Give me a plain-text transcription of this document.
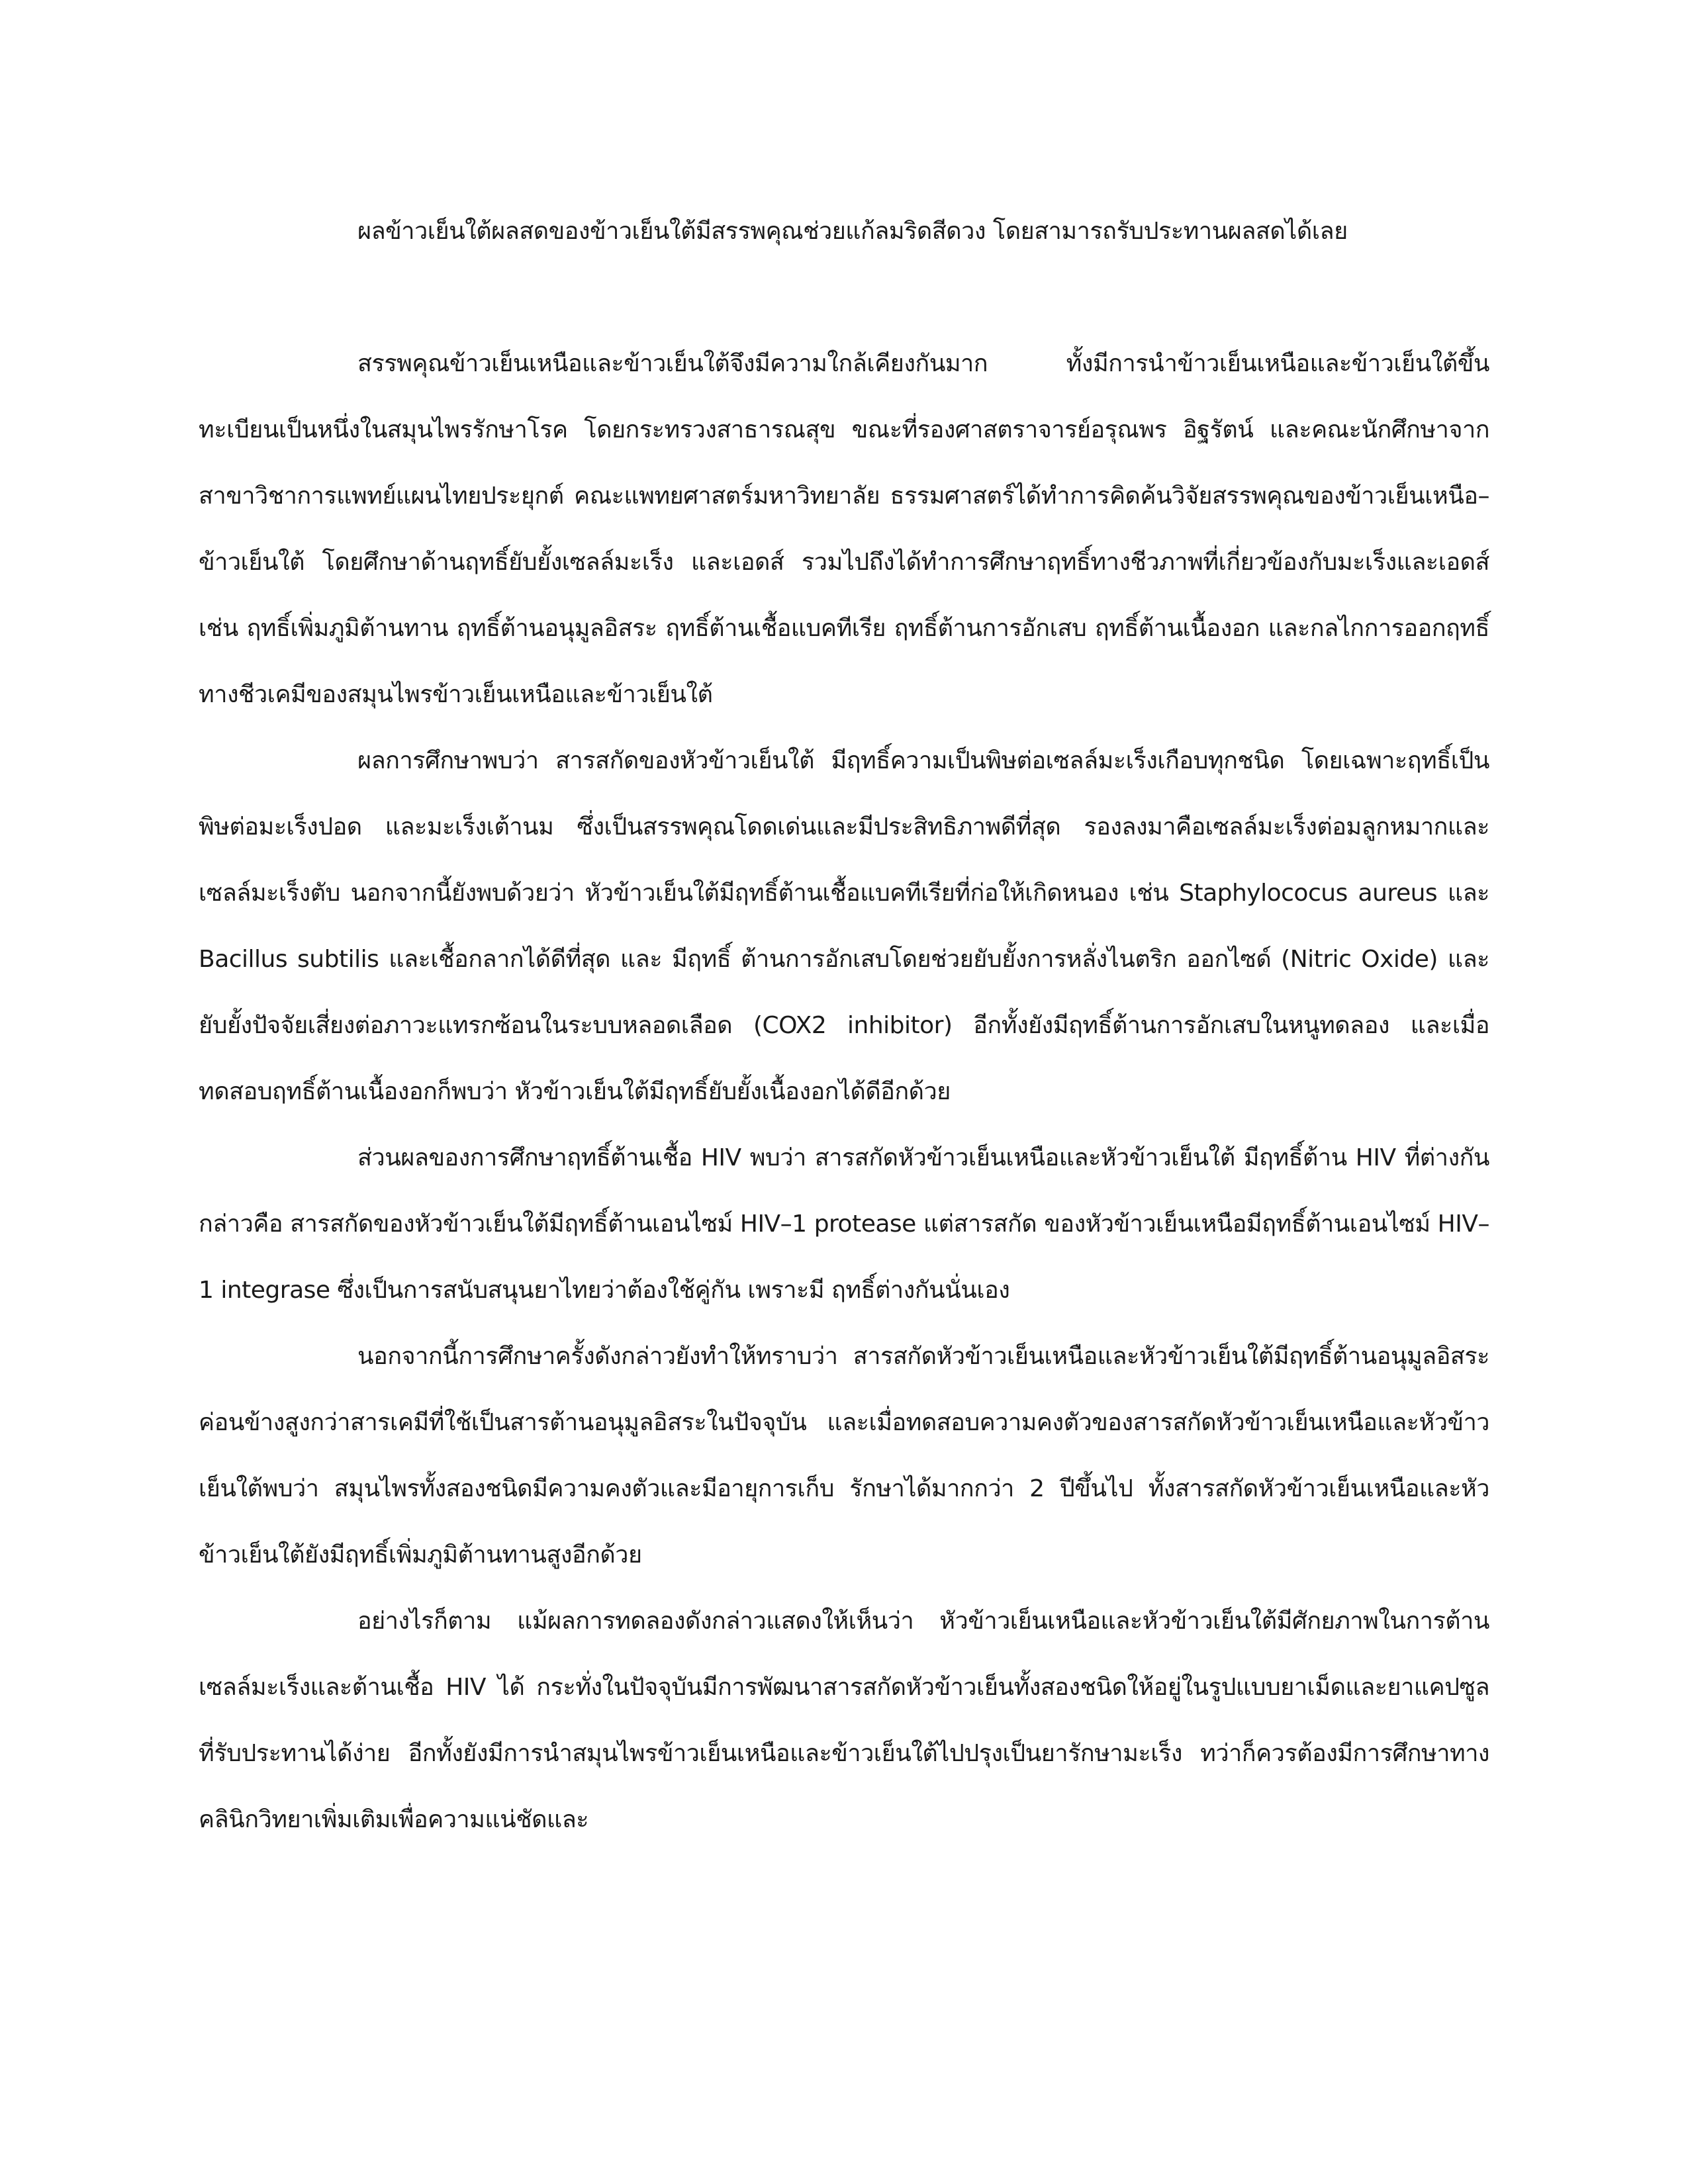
ผลข้าวเย็นใต้ผลสดของข้าวเย็นใต้มีสรรพคุณช่วยแก้ลมริดสีดวง โดยสามารถรับประทานผลสดได้เลย

สรรพคุณข้าวเย็นเหนือและข้าวเย็นใต้จึงมีความใกล้เคียงกันมาก ทั้งมีการนำข้าวเย็นเหนือและข้าวเย็นใต้ขึ้นทะเบียนเป็นหนึ่งในสมุนไพรรักษาโรค โดยกระทรวงสาธารณสุข ขณะที่รองศาสตราจารย์อรุณพร อิฐรัตน์ และคณะนักศึกษาจากสาขาวิชาการแพทย์แผนไทยประยุกต์ คณะแพทยศาสตร์มหาวิทยาลัย ธรรมศาสตร์ได้ทำการคิดค้นวิจัยสรรพคุณของข้าวเย็นเหนือ–ข้าวเย็นใต้ โดยศึกษาด้านฤทธิ์ยับยั้งเซลล์มะเร็ง และเอดส์ รวมไปถึงได้ทำการศึกษาฤทธิ์ทางชีวภาพที่เกี่ยวข้องกับมะเร็งและเอดส์ เช่น ฤทธิ์เพิ่มภูมิต้านทาน ฤทธิ์ต้านอนุมูลอิสระ ฤทธิ์ต้านเชื้อแบคทีเรีย ฤทธิ์ต้านการอักเสบ ฤทธิ์ต้านเนื้องอก และกลไกการออกฤทธิ์ทางชีวเคมีของสมุนไพรข้าวเย็นเหนือและข้าวเย็นใต้

ผลการศึกษาพบว่า สารสกัดของหัวข้าวเย็นใต้ มีฤทธิ์ความเป็นพิษต่อเซลล์มะเร็งเกือบทุกชนิด โดยเฉพาะฤทธิ์เป็นพิษต่อมะเร็งปอด และมะเร็งเต้านม ซึ่งเป็นสรรพคุณโดดเด่นและมีประสิทธิภาพดีที่สุด รองลงมาคือเซลล์มะเร็งต่อมลูกหมากและเซลล์มะเร็งตับ นอกจากนี้ยังพบด้วยว่า หัวข้าวเย็นใต้มีฤทธิ์ต้านเชื้อแบคทีเรียที่ก่อให้เกิดหนอง เช่น Staphylococus aureus และ Bacillus subtilis และเชื้อกลากได้ดีที่สุด และ มีฤทธิ์ ต้านการอักเสบโดยช่วยยับยั้งการหลั่งไนตริก ออกไซด์ (Nitric Oxide) และยับยั้งปัจจัยเสี่ยงต่อภาวะแทรกซ้อนในระบบหลอดเลือด (COX2 inhibitor) อีกทั้งยังมีฤทธิ์ต้านการอักเสบในหนูทดลอง และเมื่อทดสอบฤทธิ์ต้านเนื้องอกก็พบว่า หัวข้าวเย็นใต้มีฤทธิ์ยับยั้งเนื้องอกได้ดีอีกด้วย

ส่วนผลของการศึกษาฤทธิ์ต้านเชื้อ HIV พบว่า สารสกัดหัวข้าวเย็นเหนือและหัวข้าวเย็นใต้ มีฤทธิ์ต้าน HIV ที่ต่างกัน กล่าวคือ สารสกัดของหัวข้าวเย็นใต้มีฤทธิ์ต้านเอนไซม์ HIV–1 protease แต่สารสกัด ของหัวข้าวเย็นเหนือมีฤทธิ์ต้านเอนไซม์ HIV–1 integrase ซึ่งเป็นการสนับสนุนยาไทยว่าต้องใช้คู่กัน เพราะมี ฤทธิ์ต่างกันนั่นเอง

นอกจากนี้การศึกษาครั้งดังกล่าวยังทำให้ทราบว่า สารสกัดหัวข้าวเย็นเหนือและหัวข้าวเย็นใต้มีฤทธิ์ต้านอนุมูลอิสระค่อนข้างสูงกว่าสารเคมีที่ใช้เป็นสารต้านอนุมูลอิสระในปัจจุบัน และเมื่อทดสอบความคงตัวของสารสกัดหัวข้าวเย็นเหนือและหัวข้าวเย็นใต้พบว่า สมุนไพรทั้งสองชนิดมีความคงตัวและมีอายุการเก็บ รักษาได้มากกว่า 2 ปีขึ้นไป ทั้งสารสกัดหัวข้าวเย็นเหนือและหัวข้าวเย็นใต้ยังมีฤทธิ์เพิ่มภูมิต้านทานสูงอีกด้วย

อย่างไรก็ตาม แม้ผลการทดลองดังกล่าวแสดงให้เห็นว่า หัวข้าวเย็นเหนือและหัวข้าวเย็นใต้มีศักยภาพในการต้านเซลล์มะเร็งและต้านเชื้อ HIV ได้ กระทั่งในปัจจุบันมีการพัฒนาสารสกัดหัวข้าวเย็นทั้งสองชนิดให้อยู่ในรูปแบบยาเม็ดและยาแคปซูลที่รับประทานได้ง่าย อีกทั้งยังมีการนำสมุนไพรข้าวเย็นเหนือและข้าวเย็นใต้ไปปรุงเป็นยารักษามะเร็ง ทว่าก็ควรต้องมีการศึกษาทางคลินิกวิทยาเพิ่มเติมเพื่อความแน่ชัดและ
